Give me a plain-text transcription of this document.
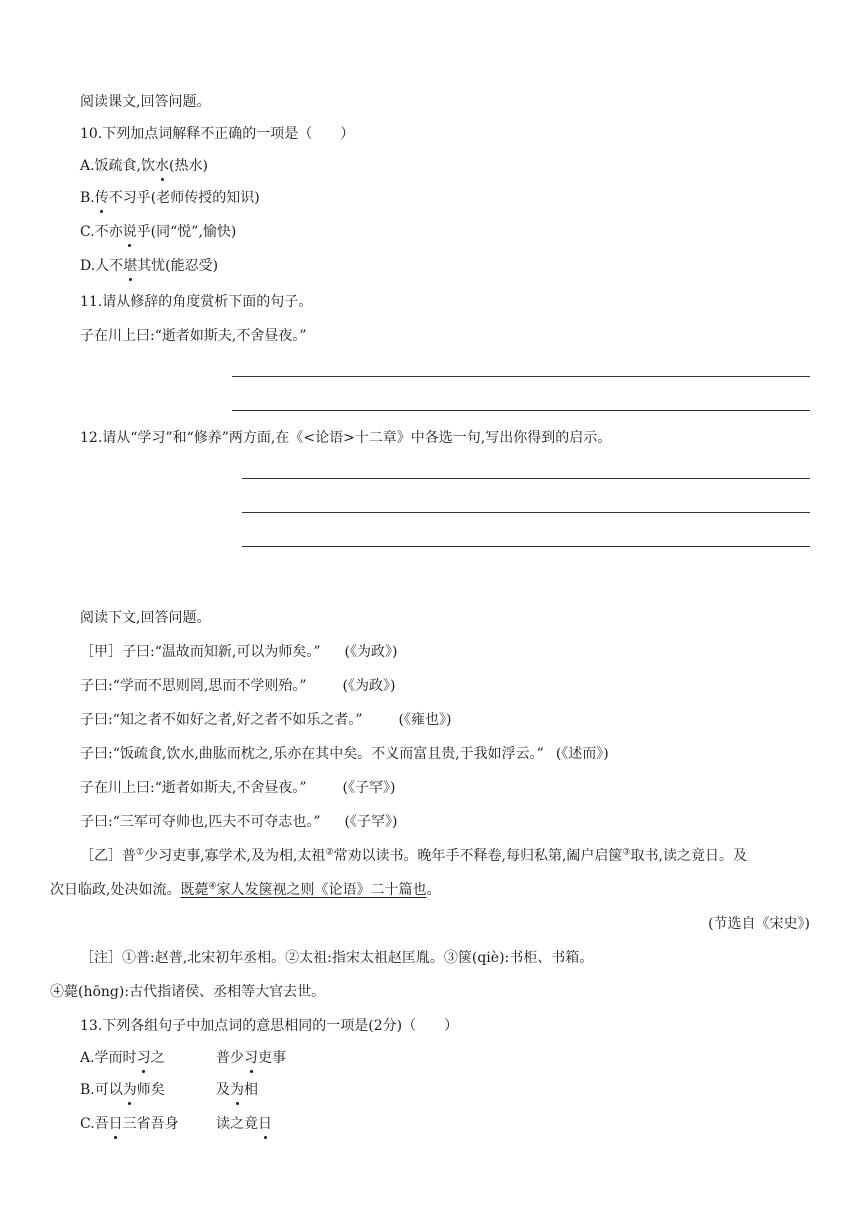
阅读课文,回答问题。
10.下列加点词解释不正确的一项是（　　）
A.饭疏食,饮水(热水)
B.传不习乎(老师传授的知识)
C.不亦说乎(同“悦”,愉快)
D.人不堪其忧(能忍受)
11.请从修辞的角度赏析下面的句子。
子在川上曰:“逝者如斯夫,不舍昼夜。”
12.请从“学习”和“修养”两方面,在《<论语>十二章》中各选一句,写出你得到的启示。
阅读下文,回答问题。
［甲］子曰:“温故而知新,可以为师矣。” (《为政》)
子曰:“学而不思则罔,思而不学则殆。”	(《为政》)
子曰:“知之者不如好之者,好之者不如乐之者。”	(《雍也》)
子曰:“饭疏食,饮水,曲肱而枕之,乐亦在其中矣。不义而富且贵,于我如浮云。” (《述而》)
子在川上曰:“逝者如斯夫,不舍昼夜。”	(《子罕》)
子曰:“三军可夺帅也,匹夫不可夺志也。” (《子罕》)
［乙］普①少习吏事,寡学术,及为相,太祖②常劝以读书。晚年手不释卷,每归私第,阖户启箧③取书,读之竟日。及
次日临政,处决如流。既薨④家人发箧视之则《论语》二十篇也。
(节选自《宋史》)
［注］①普:赵普,北宋初年丞相。②太祖:指宋太祖赵匡胤。③箧(qiè):书柜、书箱。
④薨(hōng):古代指诸侯、丞相等大官去世。
13.下列各组句子中加点词的意思相同的一项是(2分)（　　）
A.学而时习之	普少习吏事
B.可以为师矣	及为相
C.吾日三省吾身	读之竟日
